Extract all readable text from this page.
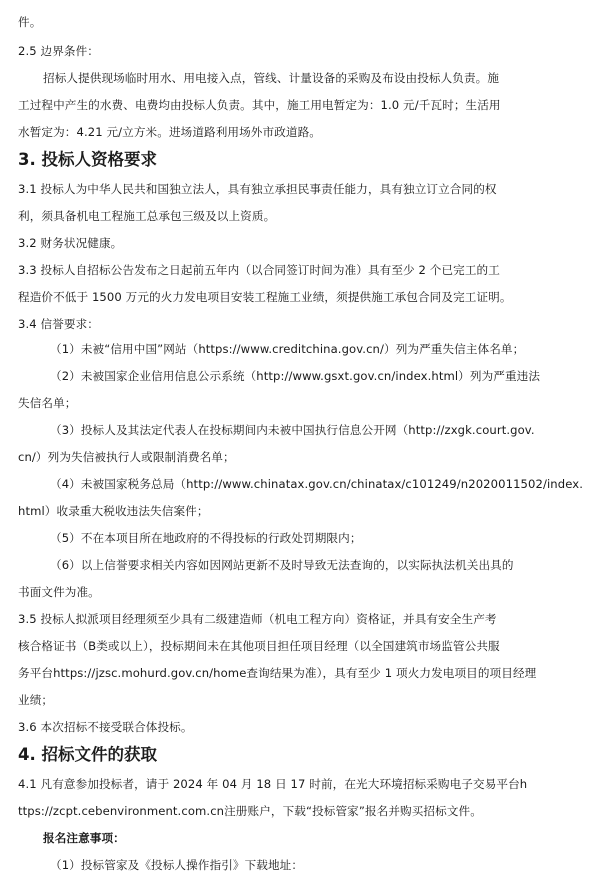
件。
2.5 边界条件：
招标人提供现场临时用水、用电接入点，管线、计量设备的采购及布设由投标人负责。施
工过程中产生的水费、电费均由投标人负责。其中，施工用电暂定为：1.0 元/千瓦时；生活用
水暂定为：4.21 元/立方米。进场道路利用场外市政道路。
3. 投标人资格要求
3.1 投标人为中华人民共和国独立法人，具有独立承担民事责任能力，具有独立订立合同的权
利，须具备机电工程施工总承包三级及以上资质。
3.2 财务状况健康。
3.3 投标人自招标公告发布之日起前五年内（以合同签订时间为准）具有至少 2 个已完工的工
程造价不低于 1500 万元的火力发电项目安装工程施工业绩，须提供施工承包合同及完工证明。
3.4 信誉要求：
（1）未被“信用中国”网站（https://www.creditchina.gov.cn/）列为严重失信主体名单；
（2）未被国家企业信用信息公示系统（http://www.gsxt.gov.cn/index.html）列为严重违法
失信名单；
（3）投标人及其法定代表人在投标期间内未被中国执行信息公开网（http://zxgk.court.gov.
cn/）列为失信被执行人或限制消费名单；
（4）未被国家税务总局（http://www.chinatax.gov.cn/chinatax/c101249/n2020011502/index.
html）收录重大税收违法失信案件；
（5）不在本项目所在地政府的不得投标的行政处罚期限内；
（6）以上信誉要求相关内容如因网站更新不及时导致无法查询的，以实际执法机关出具的
书面文件为准。
3.5 投标人拟派项目经理须至少具有二级建造师（机电工程方向）资格证，并具有安全生产考
核合格证书（B类或以上），投标期间未在其他项目担任项目经理（以全国建筑市场监管公共服
务平台https://jzsc.mohurd.gov.cn/home查询结果为准），具有至少 1 项火力发电项目的项目经理
业绩；
3.6 本次招标不接受联合体投标。
4. 招标文件的获取
4.1 凡有意参加投标者，请于 2024 年 04 月 18 日 17 时前，在光大环境招标采购电子交易平台h
ttps://zcpt.cebenvironment.com.cn注册账户，下载“投标管家”报名并购买招标文件。
报名注意事项：
（1）投标管家及《投标人操作指引》下载地址：
